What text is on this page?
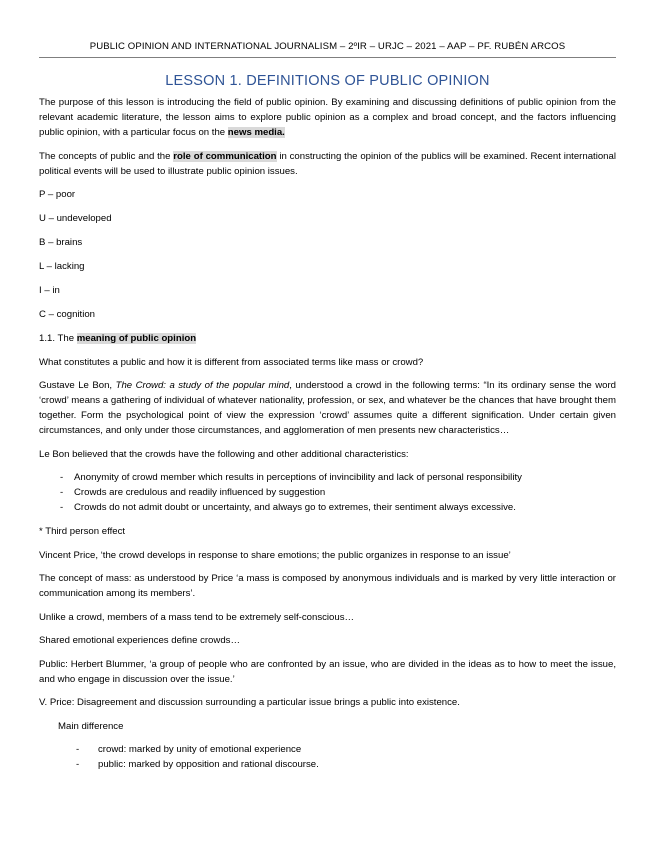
PUBLIC OPINION AND INTERNATIONAL JOURNALISM – 2ºIR – URJC – 2021 – AAP – PF. RUBÉN ARCOS
LESSON 1. DEFINITIONS OF PUBLIC OPINION

The purpose of this lesson is introducing the field of public opinion. By examining and discussing definitions of public opinion from the relevant academic literature, the lesson aims to explore public opinion as a complex and broad concept, and the factors influencing public opinion, with a particular focus on the news media.

The concepts of public and the role of communication in constructing the opinion of the publics will be examined. Recent international political events will be used to illustrate public opinion issues.

P – poor
U – undeveloped
B – brains
L – lacking
I – in
C – cognition

1.1. The meaning of public opinion

What constitutes a public and how it is different from associated terms like mass or crowd?

Gustave Le Bon, The Crowd: a study of the popular mind, understood a crowd in the following terms: “In its ordinary sense the word ‘crowd’ means a gathering of individual of whatever nationality, profession, or sex, and whatever be the chances that have brought them together. Form the psychological point of view the expression ‘crowd’ assumes quite a different signification. Under certain given circumstances, and only under those circumstances, and agglomeration of men presents new characteristics…

Le Bon believed that the crowds have the following and other additional characteristics:

- Anonymity of crowd member which results in perceptions of invincibility and lack of personal responsibility
- Crowds are credulous and readily influenced by suggestion
- Crowds do not admit doubt or uncertainty, and always go to extremes, their sentiment always excessive.

* Third person effect

Vincent Price, ‘the crowd develops in response to share emotions; the public organizes in response to an issue’

The concept of mass: as understood by Price ‘a mass is composed by anonymous individuals and is marked by very little interaction or communication among its members’.

Unlike a crowd, members of a mass tend to be extremely self-conscious…

Shared emotional experiences define crowds…

Public: Herbert Blummer, ‘a group of people who are confronted by an issue, who are divided in the ideas as to how to meet the issue, and who engage in discussion over the issue.’

V. Price: Disagreement and discussion surrounding a particular issue brings a public into existence.

Main difference

- crowd: marked by unity of emotional experience
- public: marked by opposition and rational discourse.
